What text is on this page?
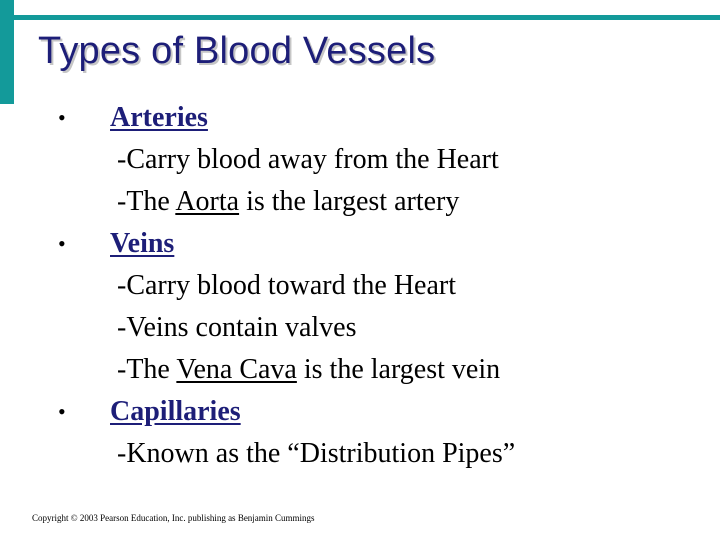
Types of Blood Vessels
• Arteries
-Carry blood away from the Heart
-The Aorta is the largest artery
• Veins
-Carry blood toward the Heart
-Veins contain valves
-The Vena Cava is the largest vein
• Capillaries
-Known as the “Distribution Pipes”
Copyright © 2003 Pearson Education, Inc. publishing as Benjamin Cummings
